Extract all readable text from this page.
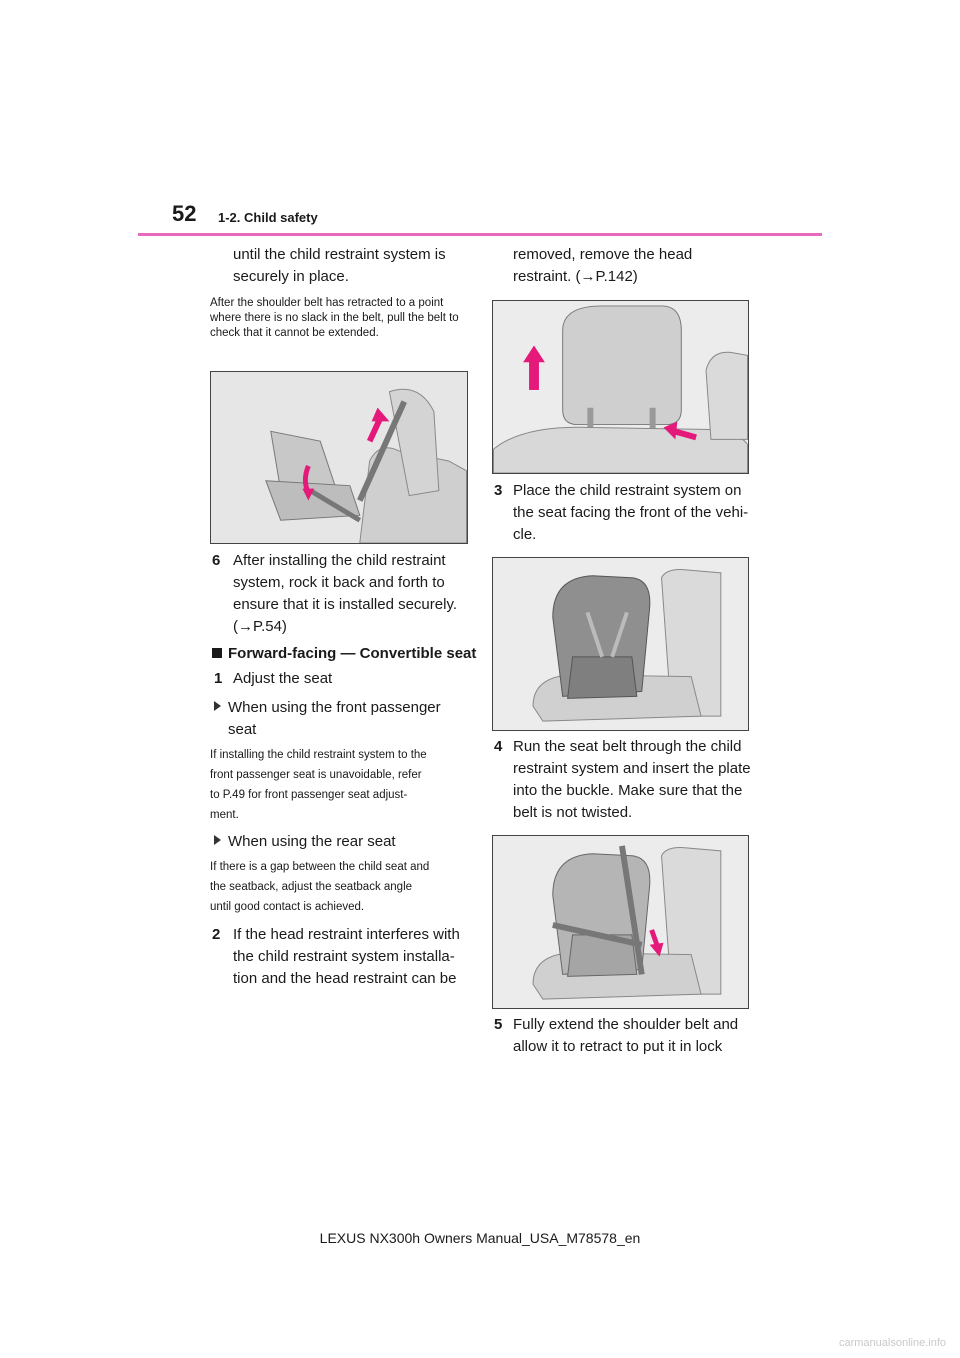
52 1-2. Child safety
until the child restraint system is
securely in place.
After the shoulder belt has retracted to a point where there is no slack in the belt, pull the belt to check that it cannot be extended.
6 After installing the child restraint
system, rock it back and forth to
ensure that it is installed securely.
(→P.54)
Forward-facing — Convertible seat
1 Adjust the seat
When using the front passenger
seat
If installing the child restraint system to the
front passenger seat is unavoidable, refer
to P.49 for front passenger seat adjust-
ment.
When using the rear seat
If there is a gap between the child seat and
the seatback, adjust the seatback angle
until good contact is achieved.
2 If the head restraint interferes with
the child restraint system installa-
tion and the head restraint can be
removed, remove the head
restraint. (→P.142)
3 Place the child restraint system on
the seat facing the front of the vehi-
cle.
4 Run the seat belt through the child
restraint system and insert the plate
into the buckle. Make sure that the
belt is not twisted.
5 Fully extend the shoulder belt and
allow it to retract to put it in lock
LEXUS NX300h Owners Manual_USA_M78578_en
carmanualsonline.info
